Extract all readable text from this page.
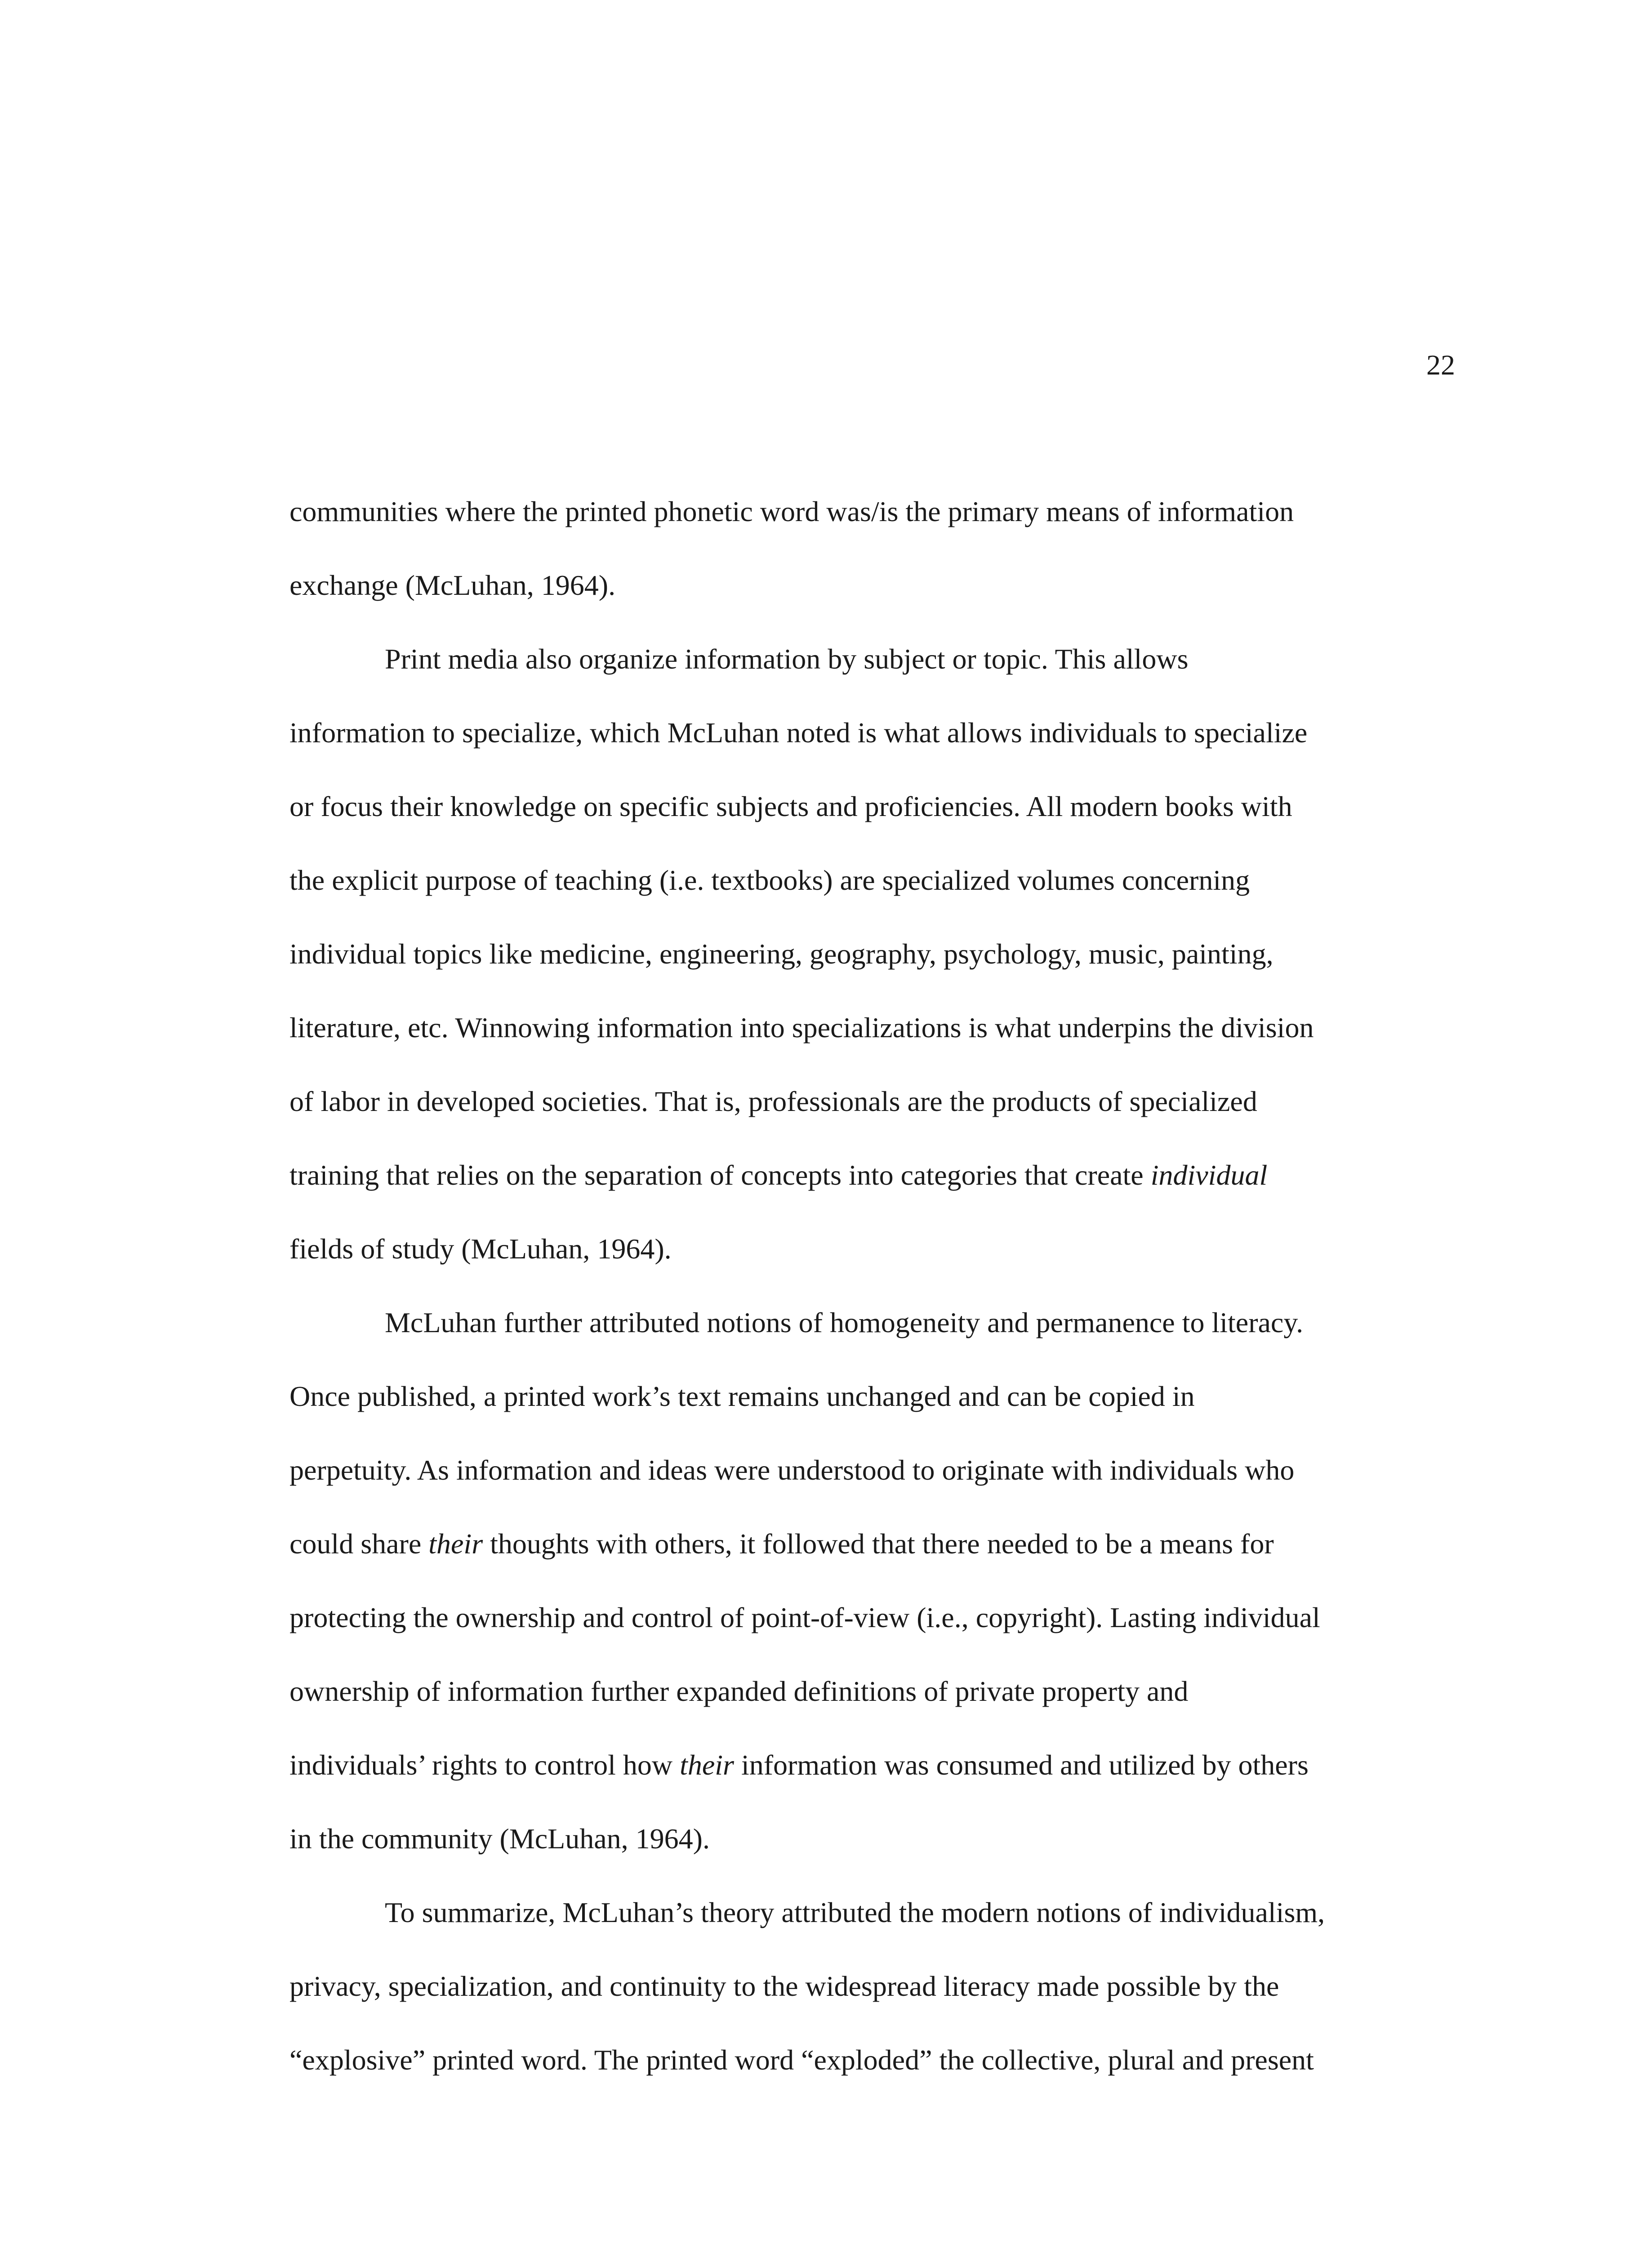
22
communities where the printed phonetic word was/is the primary means of information
exchange (McLuhan, 1964).
Print media also organize information by subject or topic. This allows
information to specialize, which McLuhan noted is what allows individuals to specialize
or focus their knowledge on specific subjects and proficiencies. All modern books with
the explicit purpose of teaching (i.e. textbooks) are specialized volumes concerning
individual topics like medicine, engineering, geography, psychology, music, painting,
literature, etc. Winnowing information into specializations is what underpins the division
of labor in developed societies. That is, professionals are the products of specialized
training that relies on the separation of concepts into categories that create individual
fields of study (McLuhan, 1964).
McLuhan further attributed notions of homogeneity and permanence to literacy.
Once published, a printed work’s text remains unchanged and can be copied in
perpetuity. As information and ideas were understood to originate with individuals who
could share their thoughts with others, it followed that there needed to be a means for
protecting the ownership and control of point-of-view (i.e., copyright). Lasting individual
ownership of information further expanded definitions of private property and
individuals’ rights to control how their information was consumed and utilized by others
in the community (McLuhan, 1964).
To summarize, McLuhan’s theory attributed the modern notions of individualism,
privacy, specialization, and continuity to the widespread literacy made possible by the
“explosive” printed word. The printed word “exploded” the collective, plural and present
